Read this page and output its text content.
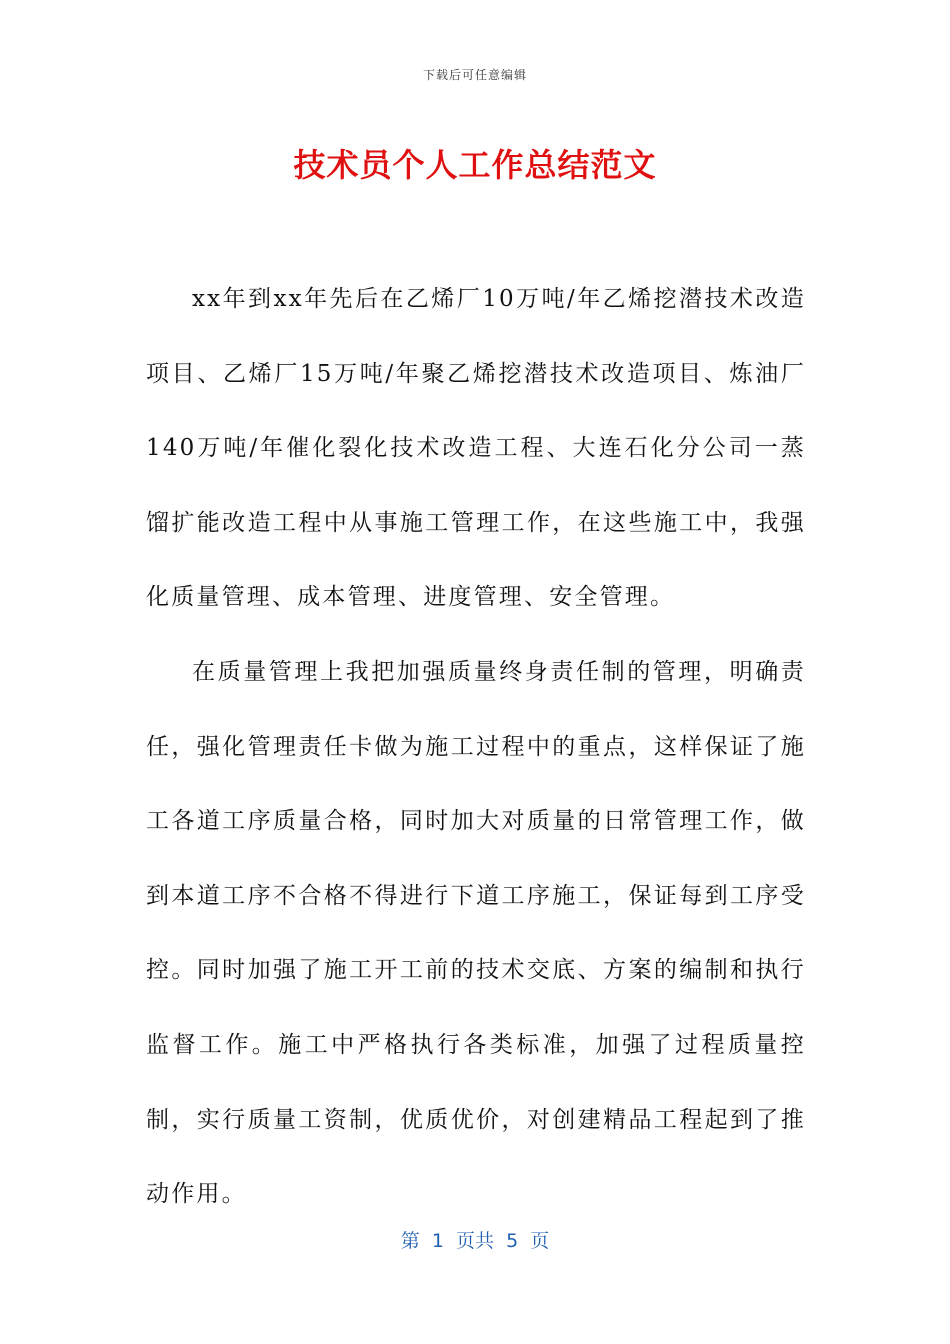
下载后可任意编辑
技术员个人工作总结范文

xx年到xx年先后在乙烯厂10万吨/年乙烯挖潜技术改造项目、乙烯厂15万吨/年聚乙烯挖潜技术改造项目、炼油厂140万吨/年催化裂化技术改造工程、大连石化分公司一蒸馏扩能改造工程中从事施工管理工作，在这些施工中，我强化质量管理、成本管理、进度管理、安全管理。

在质量管理上我把加强质量终身责任制的管理，明确责任，强化管理责任卡做为施工过程中的重点，这样保证了施工各道工序质量合格，同时加大对质量的日常管理工作，做到本道工序不合格不得进行下道工序施工，保证每到工序受控。同时加强了施工开工前的技术交底、方案的编制和执行监督工作。施工中严格执行各类标准，加强了过程质量控制，实行质量工资制，优质优价，对创建精品工程起到了推动作用。

第  1  页共  5  页
